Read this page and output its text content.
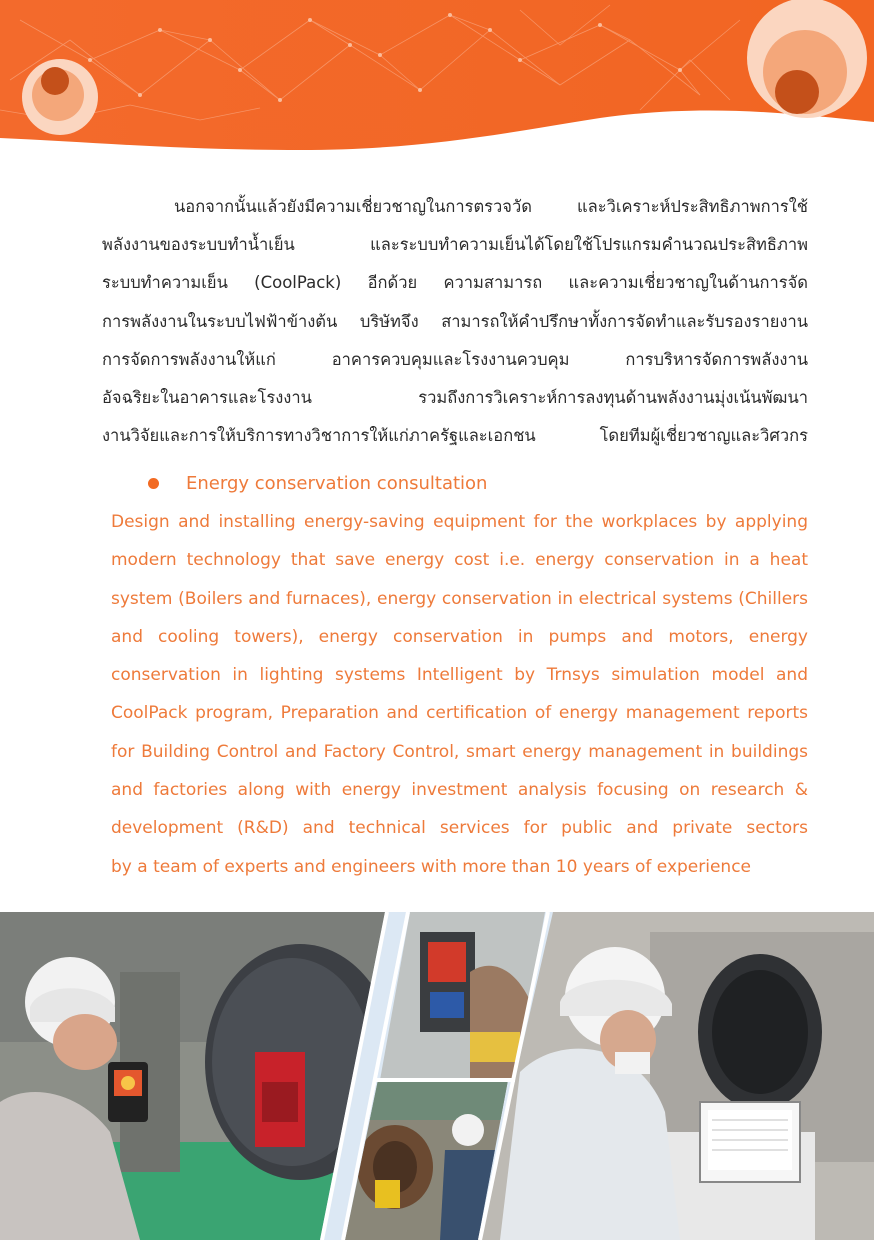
นอกจากนั้นแล้วยังมีความเชี่ยวชาญในการตรวจวัด และวิเคราะห์ประสิทธิภาพการใช้
พลังงานของระบบทำน้ำเย็น และระบบทำความเย็นได้โดยใช้โปรแกรมคำนวณประสิทธิภาพ
ระบบทำความเย็น (CoolPack) อีกด้วย ความสามารถ และความเชี่ยวชาญในด้านการจัด
การพลังงานในระบบไฟฟ้าข้างต้น บริษัทจึง สามารถให้คำปรึกษาทั้งการจัดทำและรับรองรายงาน
การจัดการพลังงานให้แก่ อาคารควบคุมและโรงงานควบคุม การบริหารจัดการพลังงาน
อัจฉริยะในอาคารและโรงงาน รวมถึงการวิเคราะห์การลงทุนด้านพลังงานมุ่งเน้นพัฒนา
งานวิจัยและการให้บริการทางวิชาการให้แก่ภาครัฐและเอกชน โดยทีมผู้เชี่ยวชาญและวิศวกร
Energy conservation consultation
Design and installing energy-saving equipment for the workplaces by applying
modern technology that save energy cost i.e. energy conservation in a heat
system (Boilers and furnaces), energy conservation in electrical systems (Chillers
and cooling towers), energy conservation in pumps and motors, energy
conservation in lighting systems Intelligent by Trnsys simulation model and
CoolPack program, Preparation and certification of energy management reports
for Building Control and Factory Control, smart energy management in buildings
and factories along with energy investment analysis focusing on research &
development (R&D) and technical services for public and private sectors
by a team of experts and engineers with more than 10 years of experience
